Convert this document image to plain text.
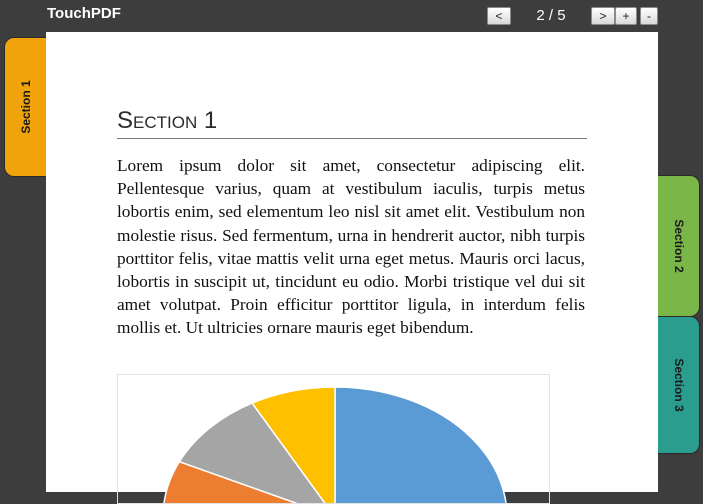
TouchPDF	<	2 / 5	>	+	-
Section 1
Section 2
Section 3
Section 1

Lorem ipsum dolor sit amet, consectetur adipiscing elit. Pellentesque varius, quam at vestibulum iaculis, turpis metus lobortis enim, sed elementum leo nisl sit amet elit. Vestibulum non molestie risus. Sed fermentum, urna in hendrerit auctor, nibh turpis porttitor felis, vitae mattis velit urna eget metus. Mauris orci lacus, lobortis in suscipit ut, tincidunt eu odio. Morbi tristique vel dui sit amet volutpat. Proin efficitur porttitor ligula, in interdum felis mollis et. Ut ultricies ornare mauris eget bibendum.
